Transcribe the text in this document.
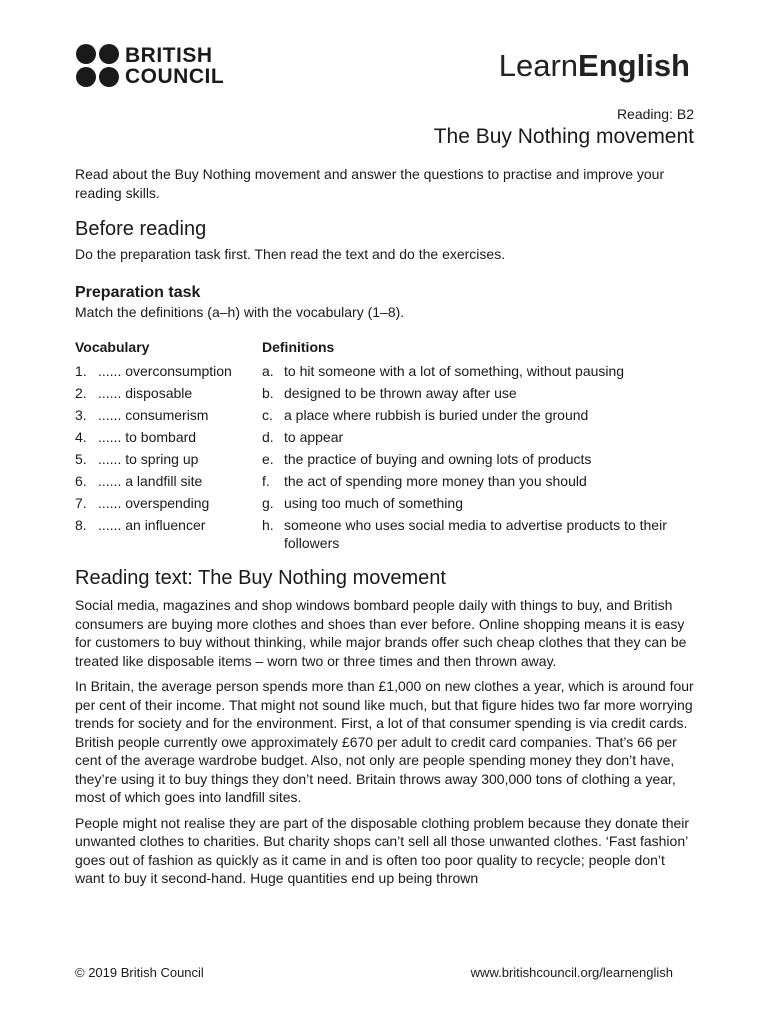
BRITISH
COUNCIL	LearnEnglish
Reading: B2
The Buy Nothing movement

Read about the Buy Nothing movement and answer the questions to practise and improve your reading skills.

Before reading

Do the preparation task first. Then read the text and do the exercises.

Preparation task

Match the definitions (a–h) with the vocabulary (1–8).

Vocabulary	Definitions
1. ...... overconsumption	a. to hit someone with a lot of something, without pausing
2. ...... disposable	b. designed to be thrown away after use
3. ...... consumerism	c. a place where rubbish is buried under the ground
4. ...... to bombard	d. to appear
5. ...... to spring up	e. the practice of buying and owning lots of products
6. ...... a landfill site	f.	the act of spending more money than you should
7. ...... overspending	g. using too much of something
8. ...... an influencer	h. someone who uses social media to advertise products to their followers
Reading text: The Buy Nothing movement

Social media, magazines and shop windows bombard people daily with things to buy, and British consumers are buying more clothes and shoes than ever before. Online shopping means it is easy for customers to buy without thinking, while major brands offer such cheap clothes that they can be treated like disposable items – worn two or three times and then thrown away.

In Britain, the average person spends more than £1,000 on new clothes a year, which is around four per cent of their income. That might not sound like much, but that figure hides two far more worrying trends for society and for the environment. First, a lot of that consumer spending is via credit cards. British people currently owe approximately £670 per adult to credit card companies. That’s 66 per cent of the average wardrobe budget. Also, not only are people spending money they don’t have, they’re using it to buy things they don’t need. Britain throws away 300,000 tons of clothing a year, most of which goes into landfill sites.

People might not realise they are part of the disposable clothing problem because they donate their unwanted clothes to charities. But charity shops can’t sell all those unwanted clothes. ‘Fast fashion’ goes out of fashion as quickly as it came in and is often too poor quality to recycle; people don’t want to buy it second-hand. Huge quantities end up being thrown

© 2019 British Council	www.britishcouncil.org/learnenglish
